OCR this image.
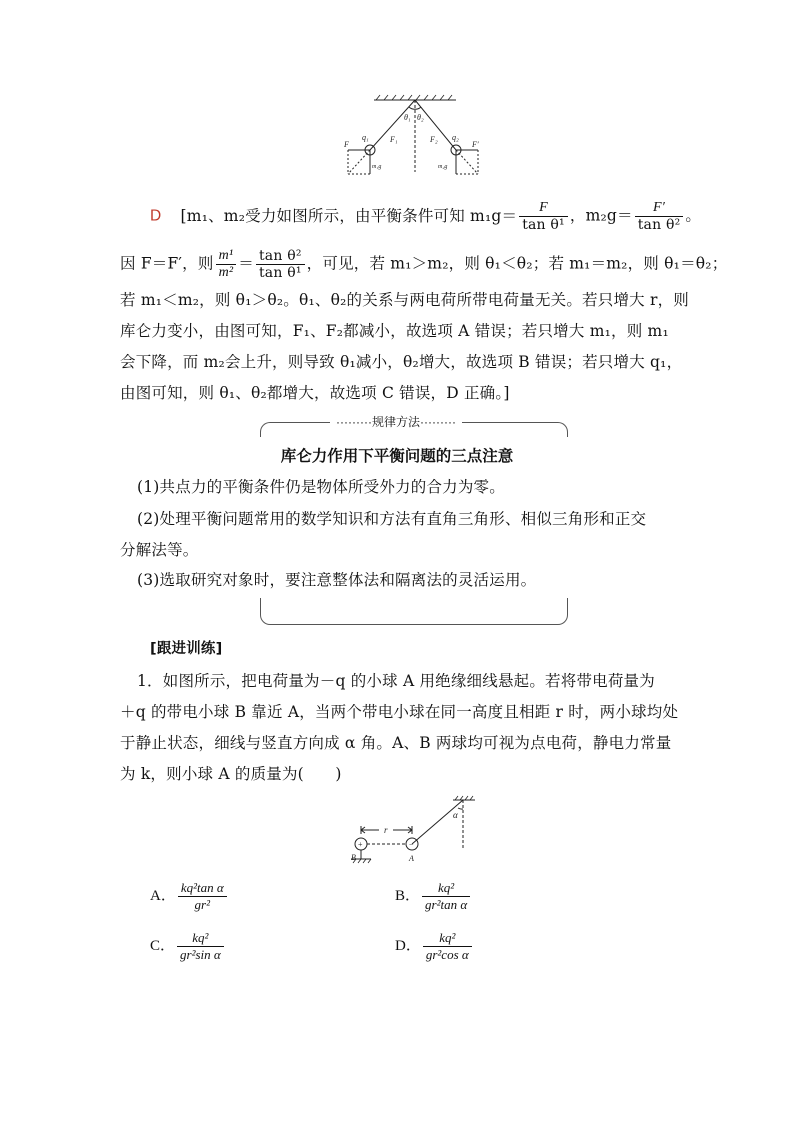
θ₁ θ₂
F	F′
q₁	q₂
F₁	F₂
m₁g	m₂g
D [m₁、m₂受力如图所示，由平衡条件可知 $m_1g= \frac{F}{\text{tan θ¹}}$ ，$m_2g= \frac{F'}{\text{tan θ²}}$ 。
因 F＝F′，则 $\frac{\text{m¹}}{\text{m²}} = \frac{\text{tan θ²}}{\text{tan θ¹}}$ ，可见，若 m₁＞m₂，则 θ₁＜θ₂；若 m₁＝m₂，则 θ₁＝θ₂；
若 m₁＜m₂，则 θ₁＞θ₂。θ₁、θ₂的关系与两电荷所带电荷量无关。若只增大 r，则
库仑力变小，由图可知，F₁、F₂都减小，故选项 A 错误；若只增大 m₁，则 m₁
会下降，而 m₂会上升，则导致 θ₁减小，θ₂增大，故选项 B 错误；若只增大 q₁，
由图可知，则 θ₁、θ₂都增大，故选项 C 错误，D 正确。]
·········规律方法·········
库仑力作用下平衡问题的三点注意
(1)共点力的平衡条件仍是物体所受外力的合力为零。
(2)处理平衡问题常用的数学知识和方法有直角三角形、相似三角形和正交
分解法等。
(3)选取研究对象时，要注意整体法和隔离法的灵活运用。
[跟进训练]
1．如图所示，把电荷量为－q 的小球 A 用绝缘细线悬起。若将带电荷量为
＋q 的带电小球 B 靠近 A，当两个带电小球在同一高度且相距 r 时，两小球均处
于静止状态，细线与竖直方向成 α 角。A、B 两球均可视为点电荷，静电力常量
为 k，则小球 A 的质量为(　　)
r
α
B	A
+	−
A． $\frac{\text{kq²tan α}}{\text{gr²}}$	B． $\frac{\text{kq²}}{\text{gr²tan α}}$
C． $\frac{\text{kq²}}{\text{gr²sin α}}$	D． $\frac{\text{kq²}}{\text{gr²cos α}}$
